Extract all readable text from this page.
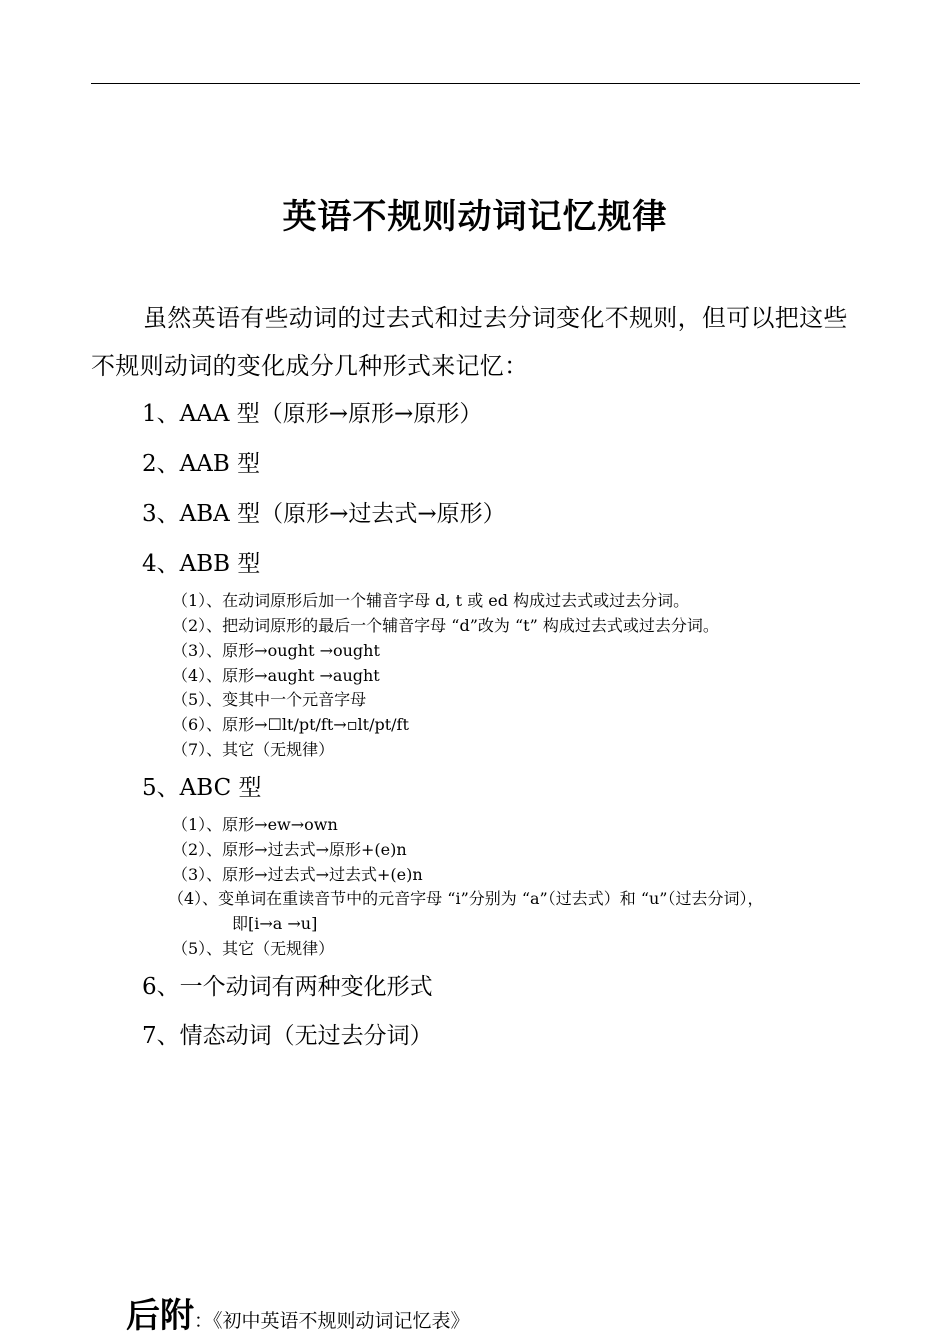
英语不规则动词记忆规律
虽然英语有些动词的过去式和过去分词变化不规则，但可以把这些不规则动词的变化成分几种形式来记忆：
1、AAA 型（原形→原形→原形）
2、AAB 型
3、ABA 型（原形→过去式→原形）
4、ABB 型
（1）、在动词原形后加一个辅音字母 d, t 或 ed 构成过去式或过去分词。
（2）、把动词原形的最后一个辅音字母 “d”改为 “t” 构成过去式或过去分词。
（3）、原形→ought →ought
（4）、原形→aught →aught
（5）、变其中一个元音字母
（6）、原形→☐lt/pt/ft→▫lt/pt/ft
（7）、其它（无规律）
5、ABC 型
（1）、原形→ew→own
（2）、原形→过去式→原形+(e)n
（3）、原形→过去式→过去式+(e)n
（4）、变单词在重读音节中的元音字母 “i”分别为 “a”（过去式）和 “u”（过去分词），
即[i→a →u]
（5）、其它（无规律）
6、一个动词有两种变化形式
7、情态动词（无过去分词）
后附：《初中英语不规则动词记忆表》
